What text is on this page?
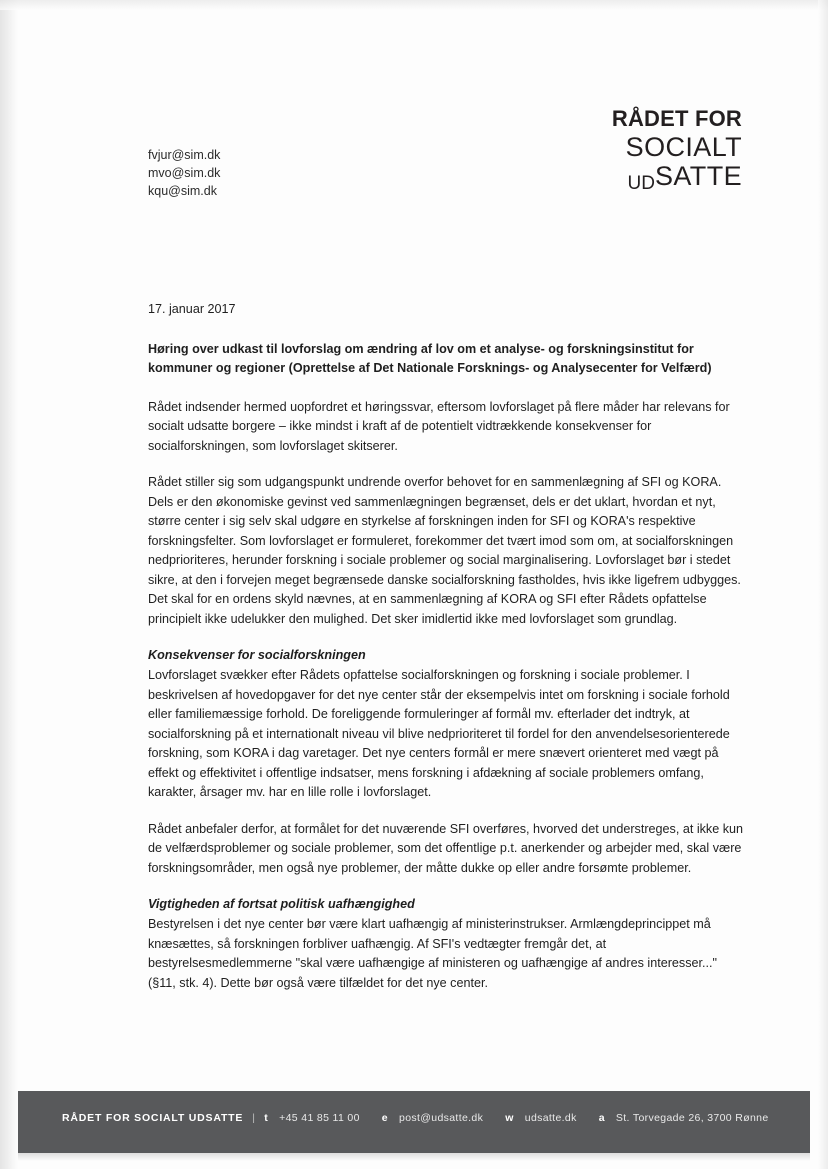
RÅDET FOR
SOCIALT
UDSATTE
fvjur@sim.dk
mvo@sim.dk
kqu@sim.dk

17. januar 2017

Høring over udkast til lovforslag om ændring af lov om et analyse- og forskningsinstitut for kommuner og regioner (Oprettelse af Det Nationale Forsknings- og Analysecenter for Velfærd)

Rådet indsender hermed uopfordret et høringssvar, eftersom lovforslaget på flere måder har relevans for socialt udsatte borgere – ikke mindst i kraft af de potentielt vidtrækkende konsekvenser for socialforskningen, som lovforslaget skitserer.

Rådet stiller sig som udgangspunkt undrende overfor behovet for en sammenlægning af SFI og KORA. Dels er den økonomiske gevinst ved sammenlægningen begrænset, dels er det uklart, hvordan et nyt, større center i sig selv skal udgøre en styrkelse af forskningen inden for SFI og KORA's respektive forskningsfelter. Som lovforslaget er formuleret, forekommer det tvært imod som om, at socialforskningen nedprioriteres, herunder forskning i sociale problemer og social marginalisering. Lovforslaget bør i stedet sikre, at den i forvejen meget begrænsede danske socialforskning fastholdes, hvis ikke ligefrem udbygges. Det skal for en ordens skyld nævnes, at en sammenlægning af KORA og SFI efter Rådets opfattelse principielt ikke udelukker den mulighed. Det sker imidlertid ikke med lovforslaget som grundlag.

Konsekvenser for socialforskningen

Lovforslaget svækker efter Rådets opfattelse socialforskningen og forskning i sociale problemer. I beskrivelsen af hovedopgaver for det nye center står der eksempelvis intet om forskning i sociale forhold eller familiemæssige forhold. De foreliggende formuleringer af formål mv. efterlader det indtryk, at socialforskning på et internationalt niveau vil blive nedprioriteret til fordel for den anvendelsesorienterede forskning, som KORA i dag varetager. Det nye centers formål er mere snævert orienteret med vægt på effekt og effektivitet i offentlige indsatser, mens forskning i afdækning af sociale problemers omfang, karakter, årsager mv. har en lille rolle i lovforslaget.

Rådet anbefaler derfor, at formålet for det nuværende SFI overføres, hvorved det understreges, at ikke kun de velfærdsproblemer og sociale problemer, som det offentlige p.t. anerkender og arbejder med, skal være forskningsområder, men også nye problemer, der måtte dukke op eller andre forsømte problemer.

Vigtigheden af fortsat politisk uafhængighed

Bestyrelsen i det nye center bør være klart uafhængig af ministerinstrukser. Armlængdeprincippet må knæsættes, så forskningen forbliver uafhængig. Af SFI's vedtægter fremgår det, at bestyrelsesmedlemmerne "skal være uafhængige af ministeren og uafhængige af andres interesser..." (§11, stk. 4). Dette bør også være tilfældet for det nye center.

RÅDET FOR SOCIALT UDSATTE | t +45 41 85 11 00 e post@udsatte.dk w udsatte.dk a St. Torvegade 26, 3700 Rønne
